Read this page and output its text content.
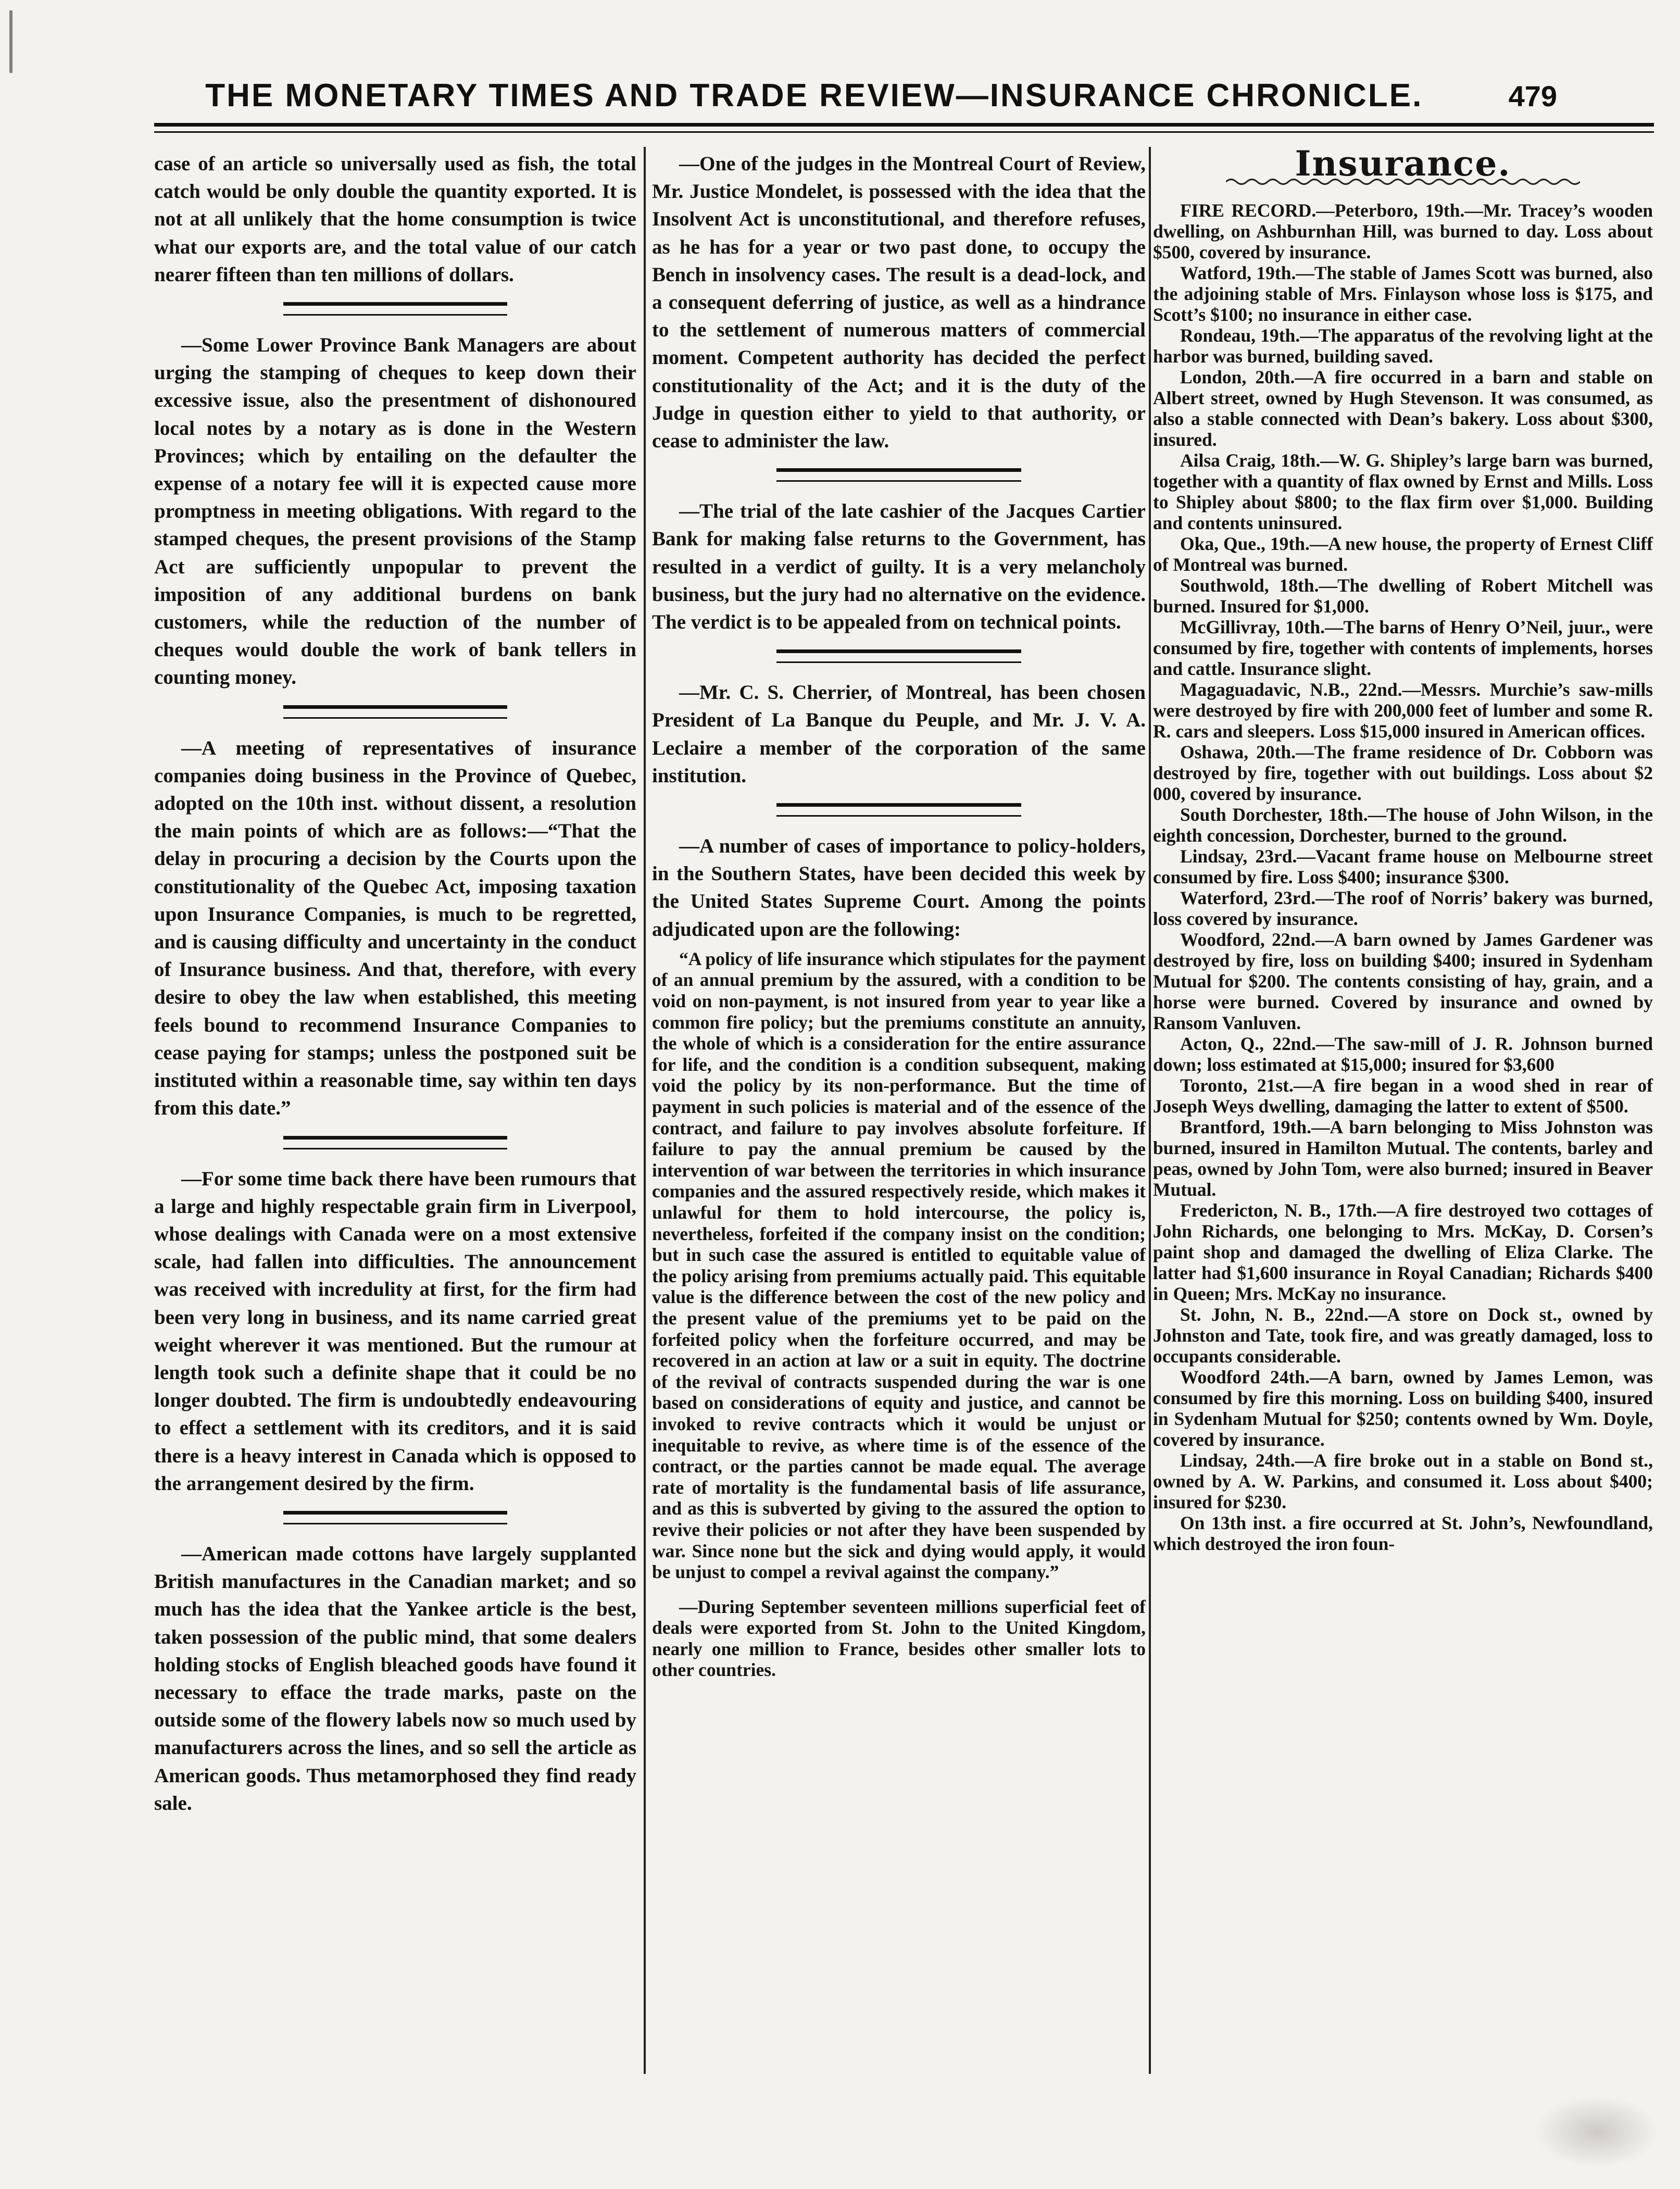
THE MONETARY TIMES AND TRADE REVIEW—INSURANCE CHRONICLE.	479

case of an article so universally used as fish, the total catch would be only double the quantity exported. It is not at all unlikely that the home consumption is twice what our exports are, and the total value of our catch nearer fifteen than ten millions of dollars.

—Some Lower Province Bank Managers are about urging the stamping of cheques to keep down their excessive issue, also the presentment of dishonoured local notes by a notary as is done in the Western Provinces; which by entailing on the defaulter the expense of a notary fee will it is expected cause more promptness in meeting obligations. With regard to the stamped cheques, the present provisions of the Stamp Act are sufficiently unpopular to prevent the imposition of any additional burdens on bank customers, while the reduction of the number of cheques would double the work of bank tellers in counting money.

—A meeting of representatives of insurance companies doing business in the Province of Quebec, adopted on the 10th inst. without dissent, a resolution the main points of which are as follows:—“That the delay in procuring a decision by the Courts upon the constitutionality of the Quebec Act, imposing taxation upon Insurance Companies, is much to be regretted, and is causing difficulty and uncertainty in the conduct of Insurance business. And that, therefore, with every desire to obey the law when established, this meeting feels bound to recommend Insurance Companies to cease paying for stamps; unless the postponed suit be instituted within a reasonable time, say within ten days from this date.”

—For some time back there have been rumours that a large and highly respectable grain firm in Liverpool, whose dealings with Canada were on a most extensive scale, had fallen into difficulties. The announcement was received with incredulity at first, for the firm had been very long in business, and its name carried great weight wherever it was mentioned. But the rumour at length took such a definite shape that it could be no longer doubted. The firm is undoubtedly endeavouring to effect a settlement with its creditors, and it is said there is a heavy interest in Canada which is opposed to the arrangement desired by the firm.

—American made cottons have largely supplanted British manufactures in the Canadian market; and so much has the idea that the Yankee article is the best, taken possession of the public mind, that some dealers holding stocks of English bleached goods have found it necessary to efface the trade marks, paste on the outside some of the flowery labels now so much used by manufacturers across the lines, and so sell the article as American goods. Thus metamorphosed they find ready sale.

—One of the judges in the Montreal Court of Review, Mr. Justice Mondelet, is possessed with the idea that the Insolvent Act is unconstitutional, and therefore refuses, as he has for a year or two past done, to occupy the Bench in insolvency cases. The result is a dead-lock, and a consequent deferring of justice, as well as a hindrance to the settlement of numerous matters of commercial moment. Competent authority has decided the perfect constitutionality of the Act; and it is the duty of the Judge in question either to yield to that authority, or cease to administer the law.

—The trial of the late cashier of the Jacques Cartier Bank for making false returns to the Government, has resulted in a verdict of guilty. It is a very melancholy business, but the jury had no alternative on the evidence. The verdict is to be appealed from on technical points.

—Mr. C. S. Cherrier, of Montreal, has been chosen President of La Banque du Peuple, and Mr. J. V. A. Leclaire a member of the corporation of the same institution.

—A number of cases of importance to policy-holders, in the Southern States, have been decided this week by the United States Supreme Court. Among the points adjudicated upon are the following:

“A policy of life insurance which stipulates for the payment of an annual premium by the assured, with a condition to be void on non-payment, is not insured from year to year like a common fire policy; but the premiums constitute an annuity, the whole of which is a consideration for the entire assurance for life, and the condition is a condition subsequent, making void the policy by its non-performance. But the time of payment in such policies is material and of the essence of the contract, and failure to pay involves absolute forfeiture. If failure to pay the annual premium be caused by the intervention of war between the territories in which insurance companies and the assured respectively reside, which makes it unlawful for them to hold intercourse, the policy is, nevertheless, forfeited if the company insist on the condition; but in such case the assured is entitled to equitable value of the policy arising from premiums actually paid. This equitable value is the difference between the cost of the new policy and the present value of the premiums yet to be paid on the forfeited policy when the forfeiture occurred, and may be recovered in an action at law or a suit in equity. The doctrine of the revival of contracts suspended during the war is one based on considerations of equity and justice, and cannot be invoked to revive contracts which it would be unjust or inequitable to revive, as where time is of the essence of the contract, or the parties cannot be made equal. The average rate of mortality is the fundamental basis of life assurance, and as this is subverted by giving to the assured the option to revive their policies or not after they have been suspended by war. Since none but the sick and dying would apply, it would be unjust to compel a revival against the company.”

—During September seventeen millions superficial feet of deals were exported from St. John to the United Kingdom, nearly one million to France, besides other smaller lots to other countries.

Insurance.

FIRE RECORD.—Peterboro, 19th.—Mr. Tracey’s wooden dwelling, on Ashburnhan Hill, was burned to day. Loss about $500, covered by insurance.

Watford, 19th.—The stable of James Scott was burned, also the adjoining stable of Mrs. Finlayson whose loss is $175, and Scott’s $100; no insurance in either case.

Rondeau, 19th.—The apparatus of the revolving light at the harbor was burned, building saved.

London, 20th.—A fire occurred in a barn and stable on Albert street, owned by Hugh Stevenson. It was consumed, as also a stable connected with Dean’s bakery. Loss about $300, insured.

Ailsa Craig, 18th.—W. G. Shipley’s large barn was burned, together with a quantity of flax owned by Ernst and Mills. Loss to Shipley about $800; to the flax firm over $1,000. Building and contents uninsured.

Oka, Que., 19th.—A new house, the property of Ernest Cliff of Montreal was burned.

Southwold, 18th.—The dwelling of Robert Mitchell was burned. Insured for $1,000.

McGillivray, 10th.—The barns of Henry O’Neil, juur., were consumed by fire, together with contents of implements, horses and cattle. Insurance slight.

Magaguadavic, N.B., 22nd.—Messrs. Murchie’s saw-mills were destroyed by fire with 200,000 feet of lumber and some R. R. cars and sleepers. Loss $15,000 insured in American offices.

Oshawa, 20th.—The frame residence of Dr. Cobborn was destroyed by fire, together with out buildings. Loss about $2 000, covered by insurance.

South Dorchester, 18th.—The house of John Wilson, in the eighth concession, Dorchester, burned to the ground.

Lindsay, 23rd.—Vacant frame house on Melbourne street consumed by fire. Loss $400; insurance $300.

Waterford, 23rd.—The roof of Norris’ bakery was burned, loss covered by insurance.

Woodford, 22nd.—A barn owned by James Gardener was destroyed by fire, loss on building $400; insured in Sydenham Mutual for $200. The contents consisting of hay, grain, and a horse were burned. Covered by insurance and owned by Ransom Vanluven.

Acton, Q., 22nd.—The saw-mill of J. R. Johnson burned down; loss estimated at $15,000; insured for $3,600

Toronto, 21st.—A fire began in a wood shed in rear of Joseph Weys dwelling, damaging the latter to extent of $500.

Brantford, 19th.—A barn belonging to Miss Johnston was burned, insured in Hamilton Mutual. The contents, barley and peas, owned by John Tom, were also burned; insured in Beaver Mutual.

Fredericton, N. B., 17th.—A fire destroyed two cottages of John Richards, one belonging to Mrs. McKay, D. Corsen’s paint shop and damaged the dwelling of Eliza Clarke. The latter had $1,600 insurance in Royal Canadian; Richards $400 in Queen; Mrs. McKay no insurance.

St. John, N. B., 22nd.—A store on Dock st., owned by Johnston and Tate, took fire, and was greatly damaged, loss to occupants considerable.

Woodford 24th.—A barn, owned by James Lemon, was consumed by fire this morning. Loss on building $400, insured in Sydenham Mutual for $250; contents owned by Wm. Doyle, covered by insurance.

Lindsay, 24th.—A fire broke out in a stable on Bond st., owned by A. W. Parkins, and consumed it. Loss about $400; insured for $230.

On 13th inst. a fire occurred at St. John’s, Newfoundland, which destroyed the iron foun-
